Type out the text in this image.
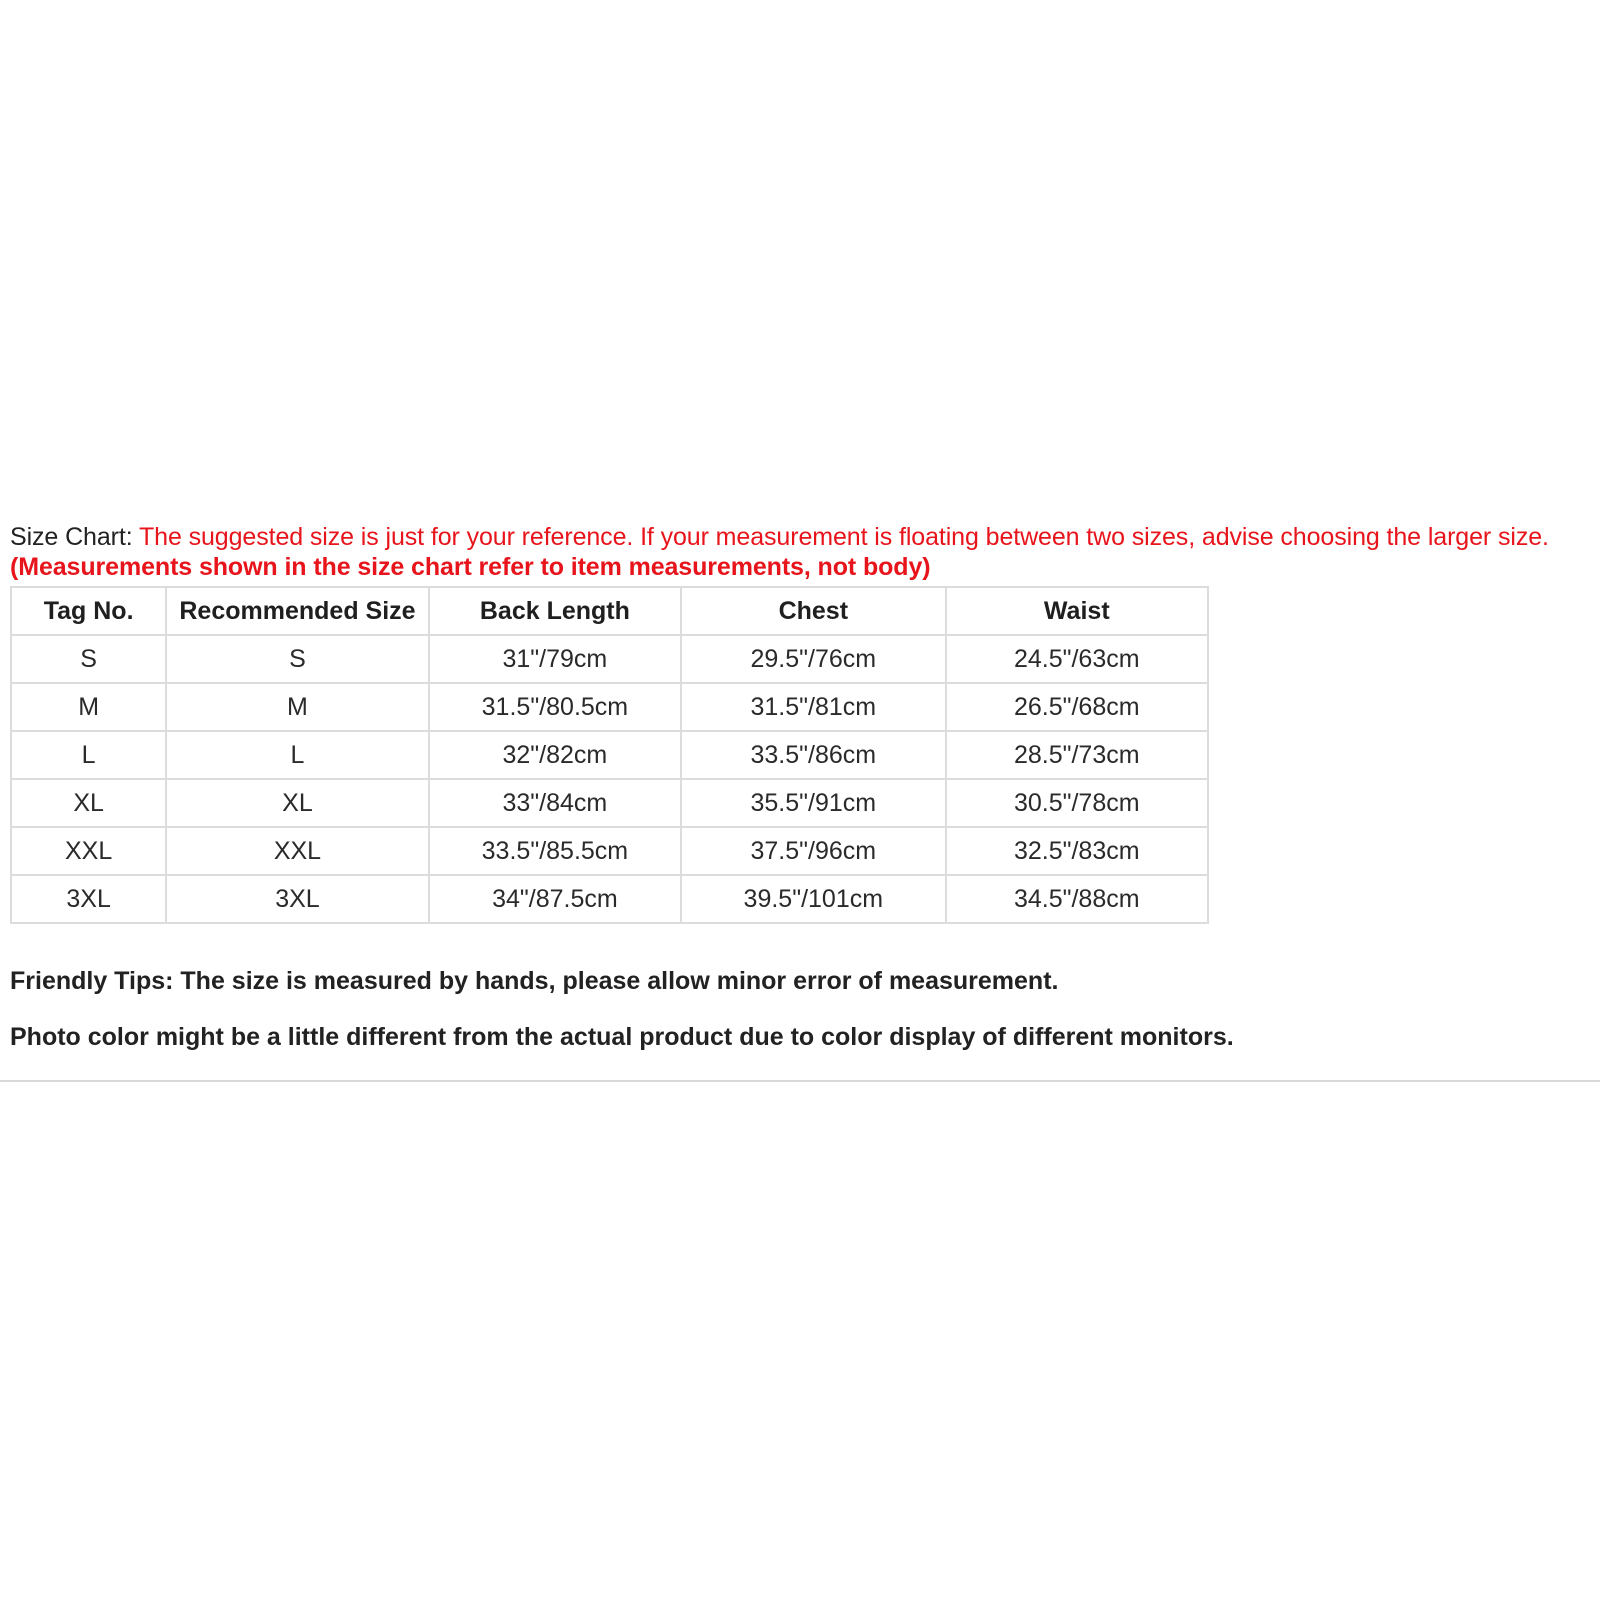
Size Chart: The suggested size is just for your reference. If your measurement is floating between two sizes, advise choosing the larger size. (Measurements shown in the size chart refer to item measurements, not body)

Tag No.	Recommended Size	Back Length	Chest	Waist
S	S	31"/79cm	29.5"/76cm	24.5"/63cm
M	M	31.5"/80.5cm	31.5"/81cm	26.5"/68cm
L	L	32"/82cm	33.5"/86cm	28.5"/73cm
XL	XL	33"/84cm	35.5"/91cm	30.5"/78cm
XXL	XXL	33.5"/85.5cm	37.5"/96cm	32.5"/83cm
3XL	3XL	34"/87.5cm	39.5"/101cm	34.5"/88cm

Friendly Tips: The size is measured by hands, please allow minor error of measurement.

Photo color might be a little different from the actual product due to color display of different monitors.
